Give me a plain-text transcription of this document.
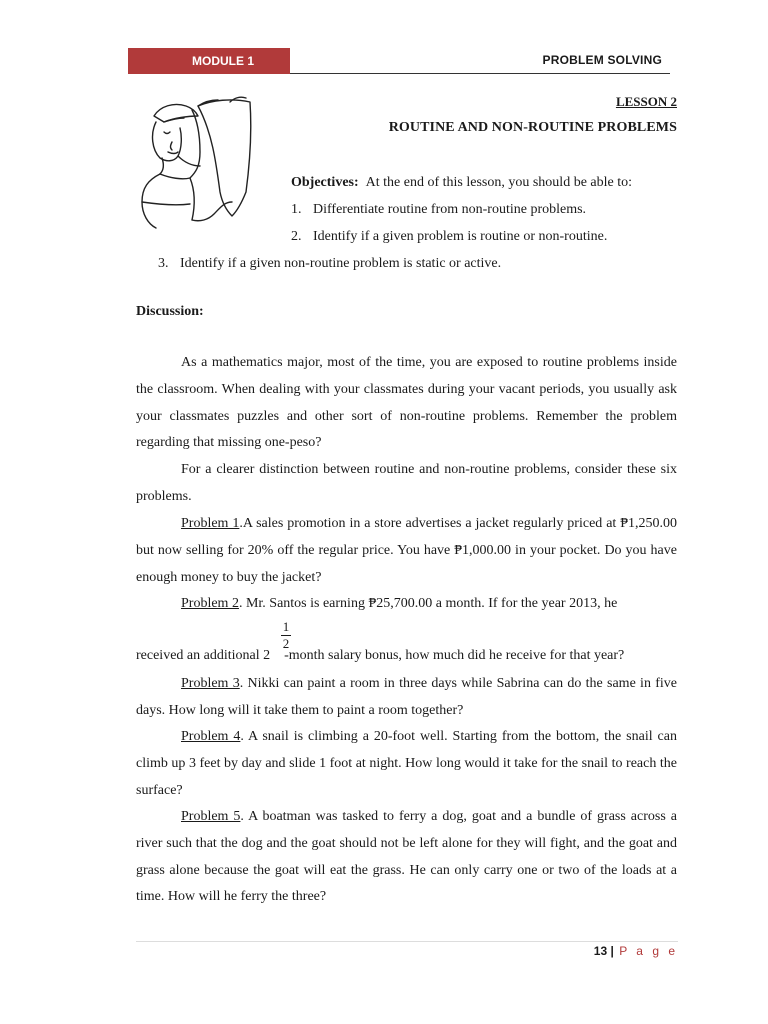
MODULE 1	PROBLEM SOLVING
LESSON 2
ROUTINE AND NON-ROUTINE PROBLEMS
Objectives: At the end of this lesson, you should be able to:
1. Differentiate routine from non-routine problems.
2. Identify if a given problem is routine or non-routine.
3. Identify if a given non-routine problem is static or active.
Discussion:
As a mathematics major, most of the time, you are exposed to routine problems inside the classroom. When dealing with your classmates during your vacant periods, you usually ask your classmates puzzles and other sort of non-routine problems. Remember the problem regarding that missing one-peso?
For a clearer distinction between routine and non-routine problems, consider these six problems.
Problem 1.A sales promotion in a store advertises a jacket regularly priced at ₱1,250.00 but now selling for 20% off the regular price. You have ₱1,000.00 in your pocket. Do you have enough money to buy the jacket?
Problem 2. Mr. Santos is earning ₱25,700.00 a month. If for the year 2013, he
1
2
received an additional 2 -month salary bonus, how much did he receive for that year?
Problem 3. Nikki can paint a room in three days while Sabrina can do the same in five days. How long will it take them to paint a room together?
Problem 4. A snail is climbing a 20-foot well. Starting from the bottom, the snail can climb up 3 feet by day and slide 1 foot at night. How long would it take for the snail to reach the surface?
Problem 5. A boatman was tasked to ferry a dog, goat and a bundle of grass across a river such that the dog and the goat should not be left alone for they will fight, and the goat and grass alone because the goat will eat the grass. He can only carry one or two of the loads at a time. How will he ferry the three?
13 | P a g e
